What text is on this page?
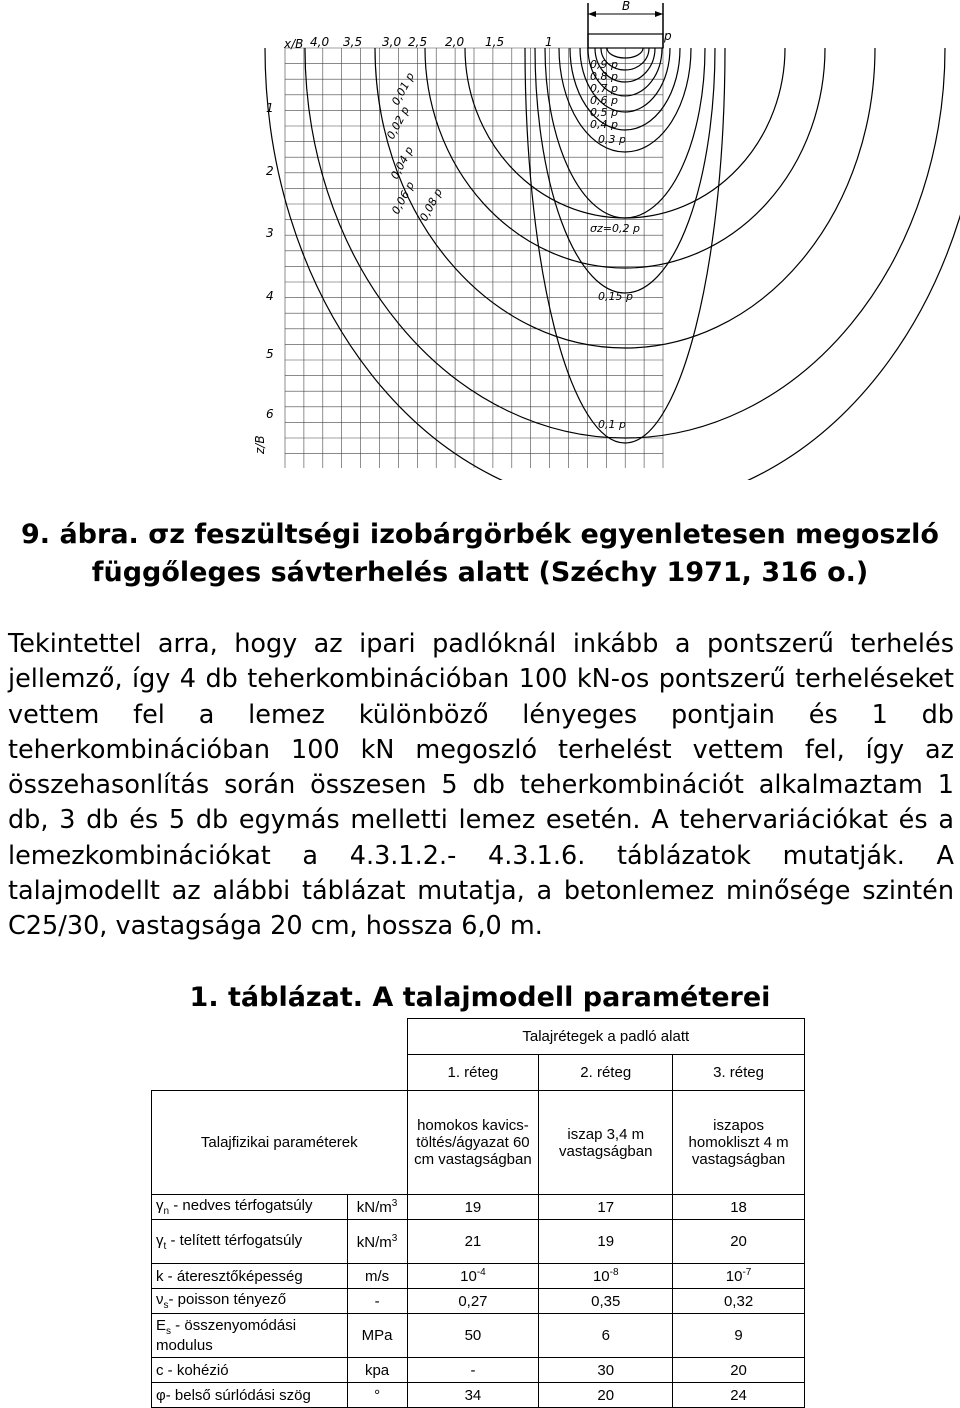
B
p
x/B
z/B
4,0 3,5 3,0 2,5 2,0 1,5	1
1
2
3
4
5
6
0,9 p
0,8 p
0,7 p
0,6 p
0,5 p
0,4 p
0,3 p
σz=0,2 p
0,15 p
0,1 p
0,01 p
0,02 p
0,04 p
0,06 p 0,08 p
9. ábra. σz feszültségi izobárgörbék egyenletesen megoszló
függőleges sávterhelés alatt (Széchy 1971, 316 o.)
Tekintettel arra, hogy az ipari padlóknál inkább a pontszerű terhelés
jellemző, így 4 db teherkombinációban 100 kN-os pontszerű terheléseket
vettem fel a lemez különböző lényeges pontjain és 1 db
teherkombinációban 100 kN megoszló terhelést vettem fel, így az
összehasonlítás során összesen 5 db teherkombinációt alkalmaztam 1
db, 3 db és 5 db egymás melletti lemez esetén. A tehervariációkat és a
lemezkombinációkat a 4.3.1.2.- 4.3.1.6. táblázatok mutatják. A
talajmodellt az alábbi táblázat mutatja, a betonlemez minősége szintén
C25/30, vastagsága 20 cm, hossza 6,0 m.
1. táblázat. A talajmodell paraméterei
		Talajrétegek a padló alatt		
		1. réteg	2. réteg	3. réteg
Talajfizikai paraméterek		homokos kavics-töltés/ágyazat 60 cm vastagságban	iszap 3,4 m vastagságban	iszapos homokliszt 4 m vastagságban
$\gamma_n$ - nedves térfogatsúly	$kN/m^3$	19	17	18
$\gamma_t$ - telített térfogatsúly	$kN/m^3$	21	19	20
k - áteresztőképesség	m/s	$10^{-4}$	$10^{-8}$	$10^{-7}$
$\nu_s-$ poisson tényező	-	0,27	0,35	0,32
$E_s$ - összenyomódási modulus	MPa	50	6	9
c - kohézió	kpa	-	30	20
φ- belső súrlódási szög	°	34	20	24
